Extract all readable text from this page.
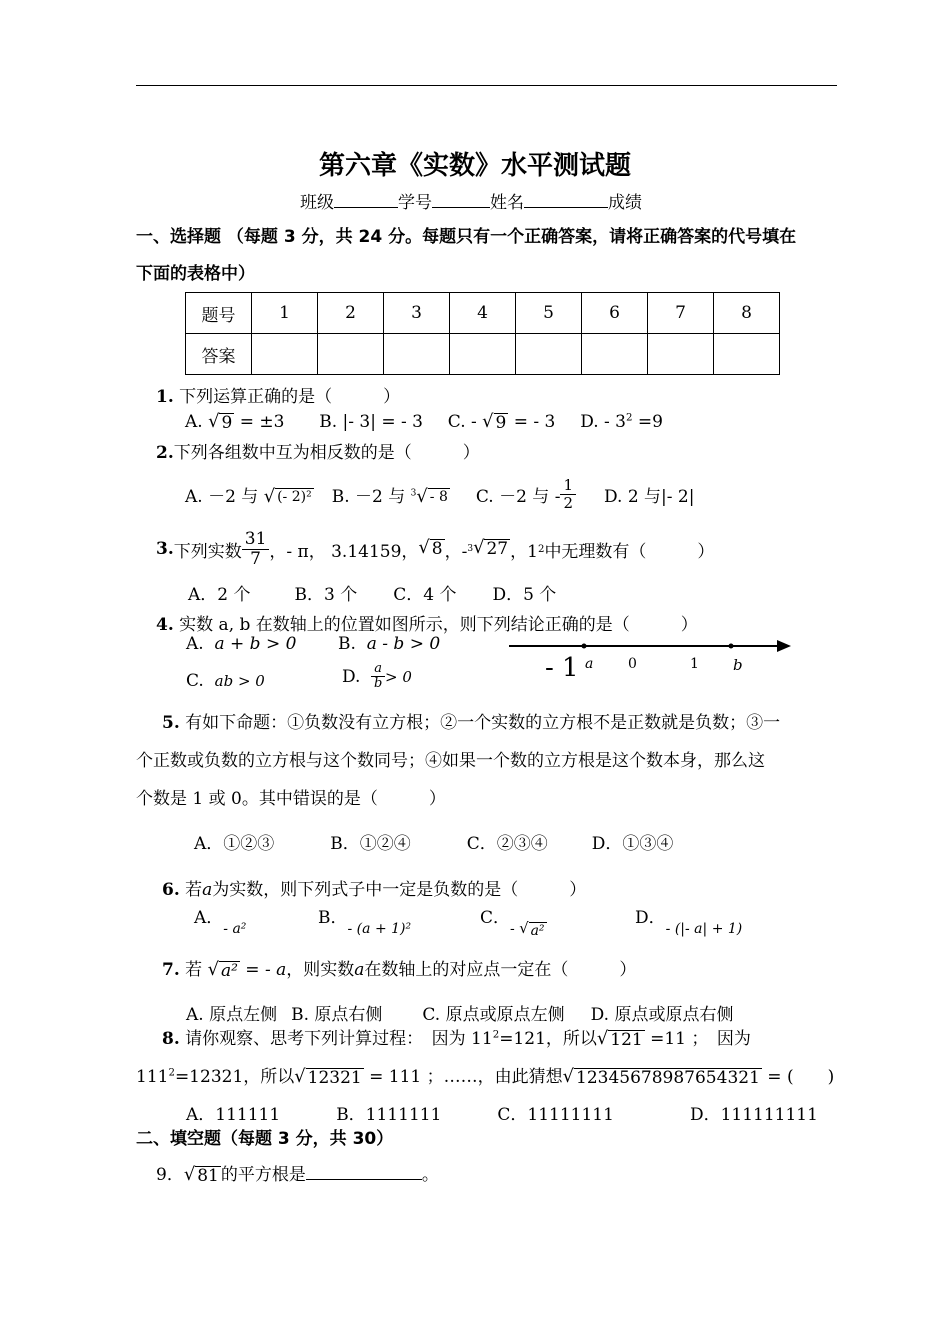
第六章《实数》水平测试题
班级	学号	姓名	成绩
一、选择题 （每题 3 分，共 24 分。每题只有一个正确答案，请将正确答案的代号填在
下面的表格中）
题号	1	2	3	4	5	6	7	8
答案								
1. 下列运算正确的是（　　　）
A. √ 9 = ±3 B. |- 3| = - 3 C. - √ 9 = - 3 D. - $3^2 =9$
2.下列各组数中互为相反数的是（　　　）
A. －2 与 √ (- 2)² B. －2 与 $^3$ √ - 8 C. －2 与 - $\frac{1}{2} D$. 2 与|- 2|
3. 下列实数 $\frac{31}{7}$ ，- π， 3.14159， √ 8 ，- 3 √ 27 ，1 2 中无理数有（　　　）
A．2 个	B．3 个 C．4 个 D．5 个
4. 实数 a, b 在数轴上的位置如图所示，则下列结论正确的是（　　　）
A. a + b > 0 B. a - b > 0
C. ab > 0	D.
$\frac{a}{b} > 0$	- 1 a 0	1 b
5. 有如下命题：①负数没有立方根；②一个实数的立方根不是正数就是负数；③一
个正数或负数的立方根与这个数同号；④如果一个数的立方根是这个数本身，那么这
个数是 1 或 0。其中错误的是（　　　）
A．①②③	B．①②④	C．②③④	D．①③④
6. 若a为实数，则下列式子中一定是负数的是（　　　）
A．$_{- a^2}$
B．$_{- (a + 1)^2}$
C．$_{- √ a^2}$
D．$_{- (|- a| + 1)}$
7. 若 √ a² = - a，则实数a在数轴上的对应点一定在（　　　）
A. 原点左侧 B. 原点右侧 C. 原点或原点左侧 D. 原点或原点右侧
8. 请你观察、思考下列计算过程：　因为 $11^2=121$，所以 √ 121 =11 ；　因为
$111^2=12321$，所以 √ 12321 = 111 ；……，由此猜想 √ 12345678987654321 = (　　)
A．111111	B．1111111	C．11111111	D．111111111
二、填空题（每题 3 分，共 30）
9． √ 81 的平方根是	。
